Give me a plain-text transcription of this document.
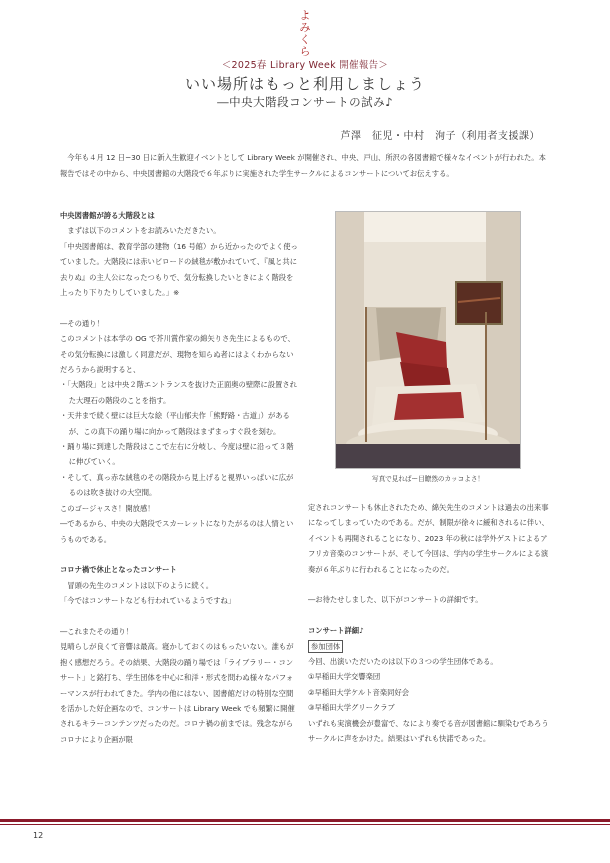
よ
み
く
ら
＜2025春 Library Week 開催報告＞
いい場所はもっと利用しましょう
―中央大階段コンサートの試み♪
芦澤　征児・中村　洵子（利用者支援課）

今年も４月 12 日−30 日に新入生歓迎イベントとして Library Week が開催され、中央、戸山、所沢の各図書館で様々なイベントが行われた。本報告ではその中から、中央図書館の大階段で６年ぶりに実施された学生サークルによるコンサートについてお伝えする。

中央図書館が誇る大階段とは

まずは以下のコメントをお読みいただきたい。

「中央図書館は、教育学部の建物（16 号館）から近かったのでよく使っていました。大階段には赤いビロードの絨毯が敷かれていて、『風と共に去りぬ』の主人公になったつもりで、気分転換したいときによく階段を上ったり下りたりしていました。」※

―その通り！

このコメントは本学の OG で芥川賞作家の綿矢りさ先生によるもので、その気分転換には激しく同意だが、現物を知らぬ者にはよくわからないだろうから説明すると、

・「大階段」とは中央２階エントランスを抜けた正面奥の壁際に設置された大理石の階段のことを指す。

・天井まで続く壁には巨大な絵（平山郁夫作「熊野路・古道」）があるが、この真下の踊り場に向かって階段はまずまっすぐ段を刻む。

・踊り場に到達した階段はここで左右に分岐し、今度は壁に沿って３階に伸びていく。

・そして、真っ赤な絨毯のその階段から見上げると視界いっぱいに広がるのは吹き抜けの大空間。

このゴージャスさ！開放感！

―であるから、中央の大階段でスカーレットになりたがるのは人情というものである。

コロナ禍で休止となったコンサート

冒頭の先生のコメントは以下のように続く。

「今ではコンサートなども行われているようですね」

―これまたその通り！

見晴らしが良くて音響は最高。寝かしておくのはもったいない。誰もが抱く感想だろう。その結果、大階段の踊り場では「ライブラリー・コンサート」と銘打ち、学生団体を中心に和洋・形式を問わぬ様々なパフォーマンスが行われてきた。学内の他にはない、図書館だけの特別な空間を活かした好企画なので、コンサートは Library Week でも頻繁に開催されるキラーコンテンツだったのだ。コロナ禍の前までは。残念ながらコロナにより企画が限

写真で見ればー目瞭然のカッコよさ！

定されコンサートも休止されたため、綿矢先生のコメントは過去の出来事になってしまっていたのである。だが、制限が徐々に緩和されるに伴い、イベントも再開されることになり、2023 年の秋には学外ゲストによるアフリカ音楽のコンサートが、そして今回は、学内の学生サークルによる演奏が６年ぶりに行われることになったのだ。

―お待たせしました、以下がコンサートの詳細です。

コンサート詳細♪

参加団体

今回、出演いただいたのは以下の３つの学生団体である。

①早稲田大学交響楽団

②早稲田大学ケルト音楽同好会

③早稲田大学グリークラブ

いずれも実演機会が豊富で、なにより奏でる音が図書館に馴染むであろうサークルに声をかけた。結果はいずれも快諾であった。

12
